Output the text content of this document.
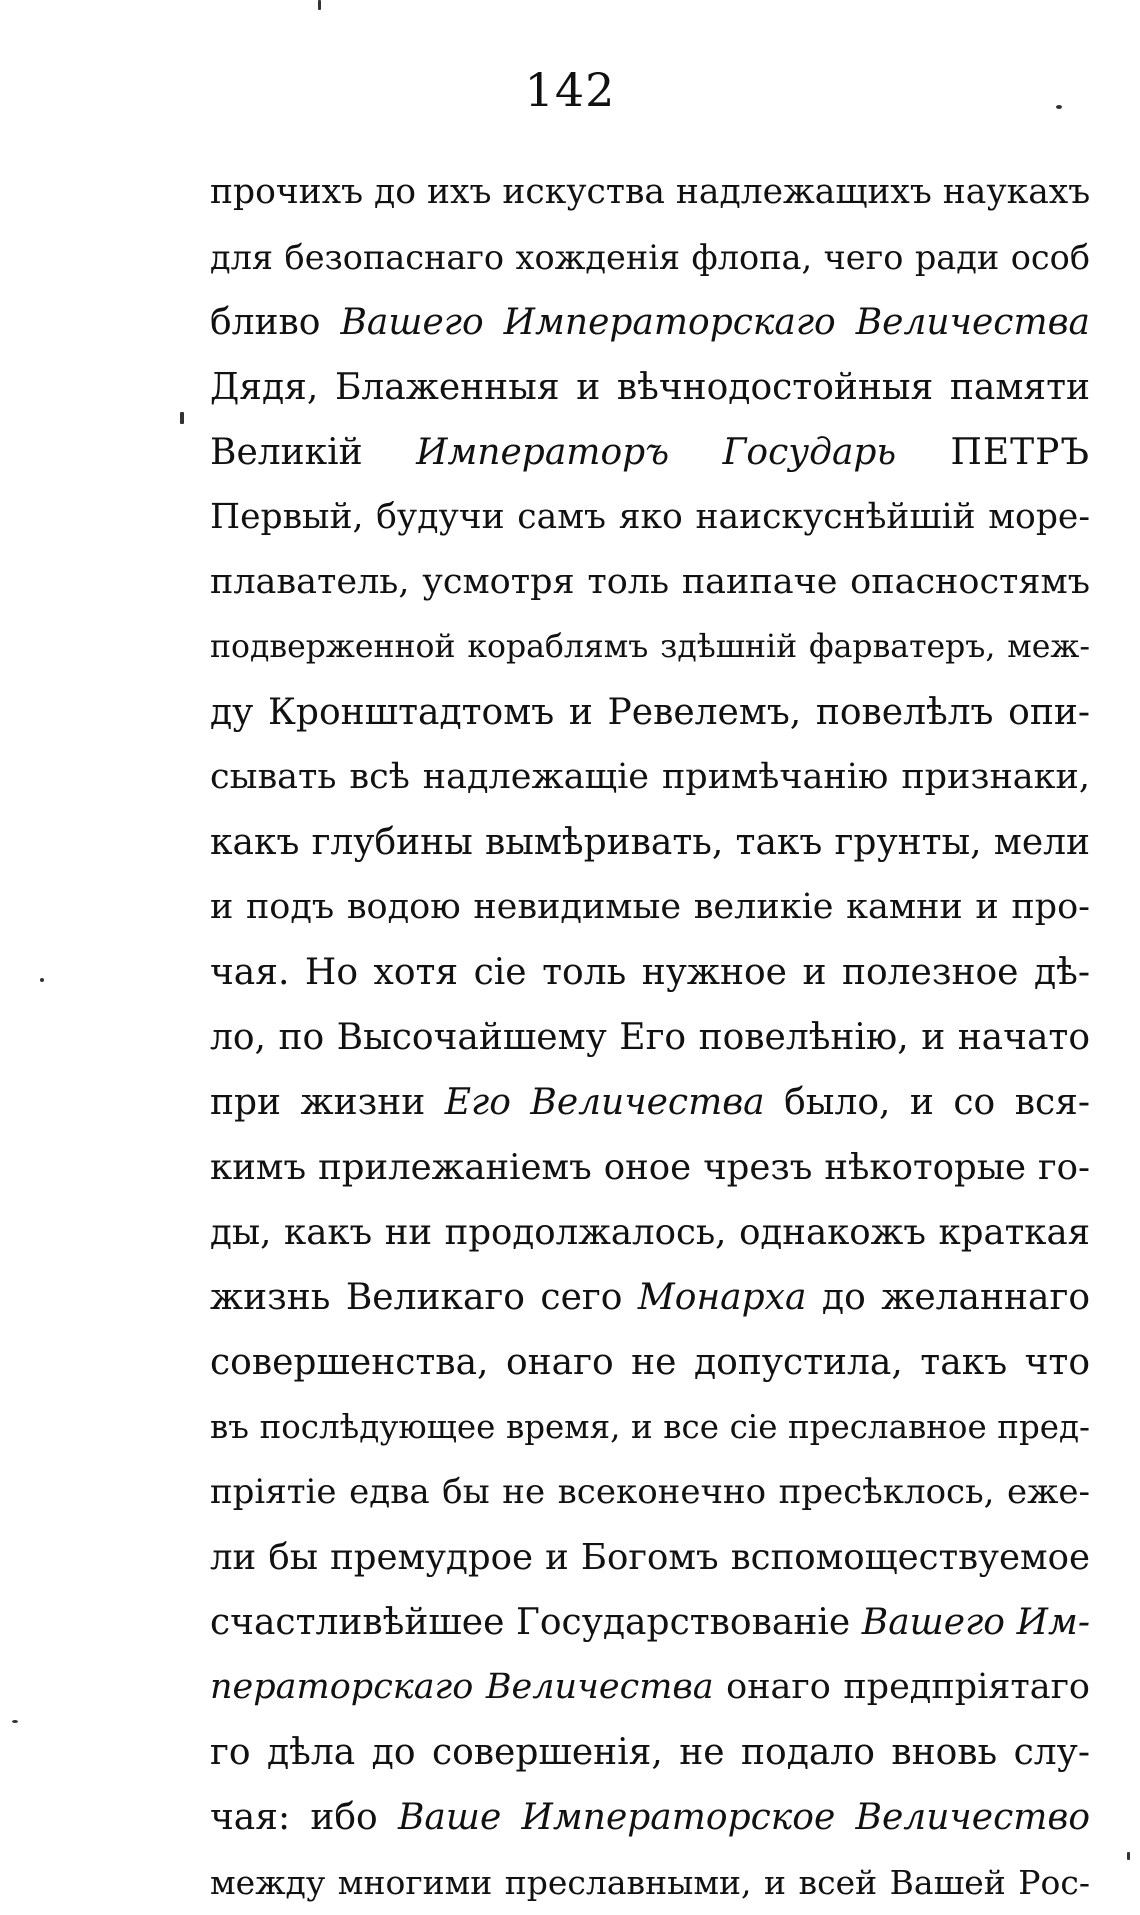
142
прочихъ до ихъ искуства надлежащихъ наукахъ
для безопаснаго хожденія флопа, чего ради особ
бливо Вашего Императорскаго Величества
Дядя, Блаженныя и вѣчнодостойныя памяти
Великій Императоръ Государь ПЕТРЪ
Первый, будучи самъ яко наискуснѣйшій море-
плаватель, усмотря толь паипаче опасностямъ
подверженной кораблямъ здѣшній фарватеръ, меж-
ду Кронштадтомъ и Ревелемъ, повелѣлъ опи-
сывать всѣ надлежащіе примѣчанію признаки,
какъ глубины вымѣривать, такъ грунты, мели
и подъ водою невидимые великіе камни и про-
чая. Но хотя сіе толь нужное и полезное дѣ-
ло, по Высочайшему Его повелѣнію, и начато
при жизни Его Величества было, и со вся-
кимъ прилежаніемъ оное чрезъ нѣкоторые го-
ды, какъ ни продолжалось, однакожъ краткая
жизнь Великаго сего Монарха до желаннаго
совершенства, онаго не допустила, такъ что
въ послѣдующее время, и все сіе преславное пред-
пріятіе едва бы не всеконечно пресѣклось, еже-
ли бы премудрое и Богомъ вспомоществуемое
счастливѣйшее Государствованіе Вашего Им-
ператорскаго Величества онаго предпріятаго
го дѣла до совершенія, не подало вновь слу-
чая: ибо Ваше Императорское Величество
между многими преславными, и всей Вашей Рос-
